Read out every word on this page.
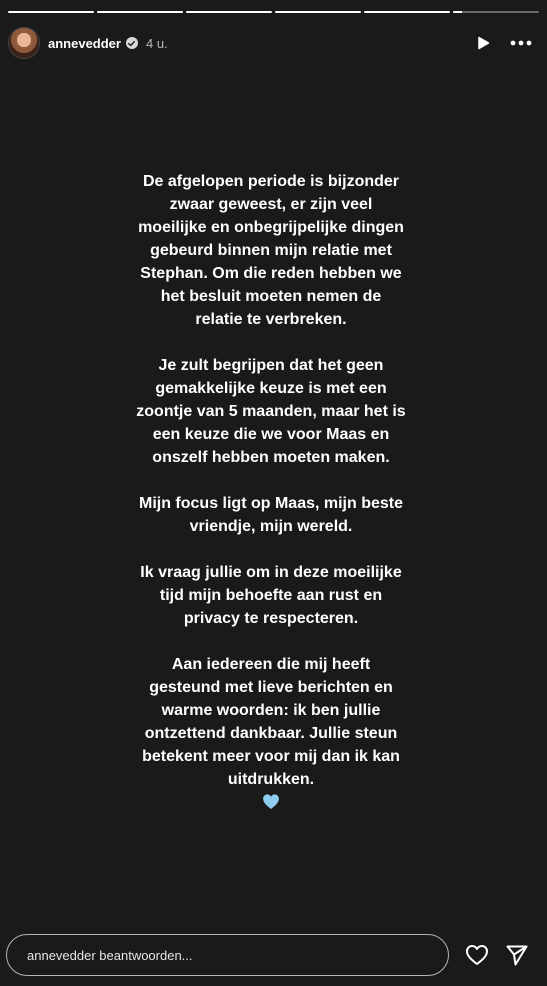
annevedder 4 u.

De afgelopen periode is bijzonder
zwaar geweest, er zijn veel
moeilijke en onbegrijpelijke dingen
gebeurd binnen mijn relatie met
Stephan. Om die reden hebben we
het besluit moeten nemen de
relatie te verbreken.

Je zult begrijpen dat het geen
gemakkelijke keuze is met een
zoontje van 5 maanden, maar het is
een keuze die we voor Maas en
onszelf hebben moeten maken.

Mijn focus ligt op Maas, mijn beste
vriendje, mijn wereld.

Ik vraag jullie om in deze moeilijke
tijd mijn behoefte aan rust en
privacy te respecteren.

Aan iedereen die mij heeft
gesteund met lieve berichten en
warme woorden: ik ben jullie
ontzettend dankbaar. Jullie steun
betekent meer voor mij dan ik kan
uitdrukken.

annevedder beantwoorden...
